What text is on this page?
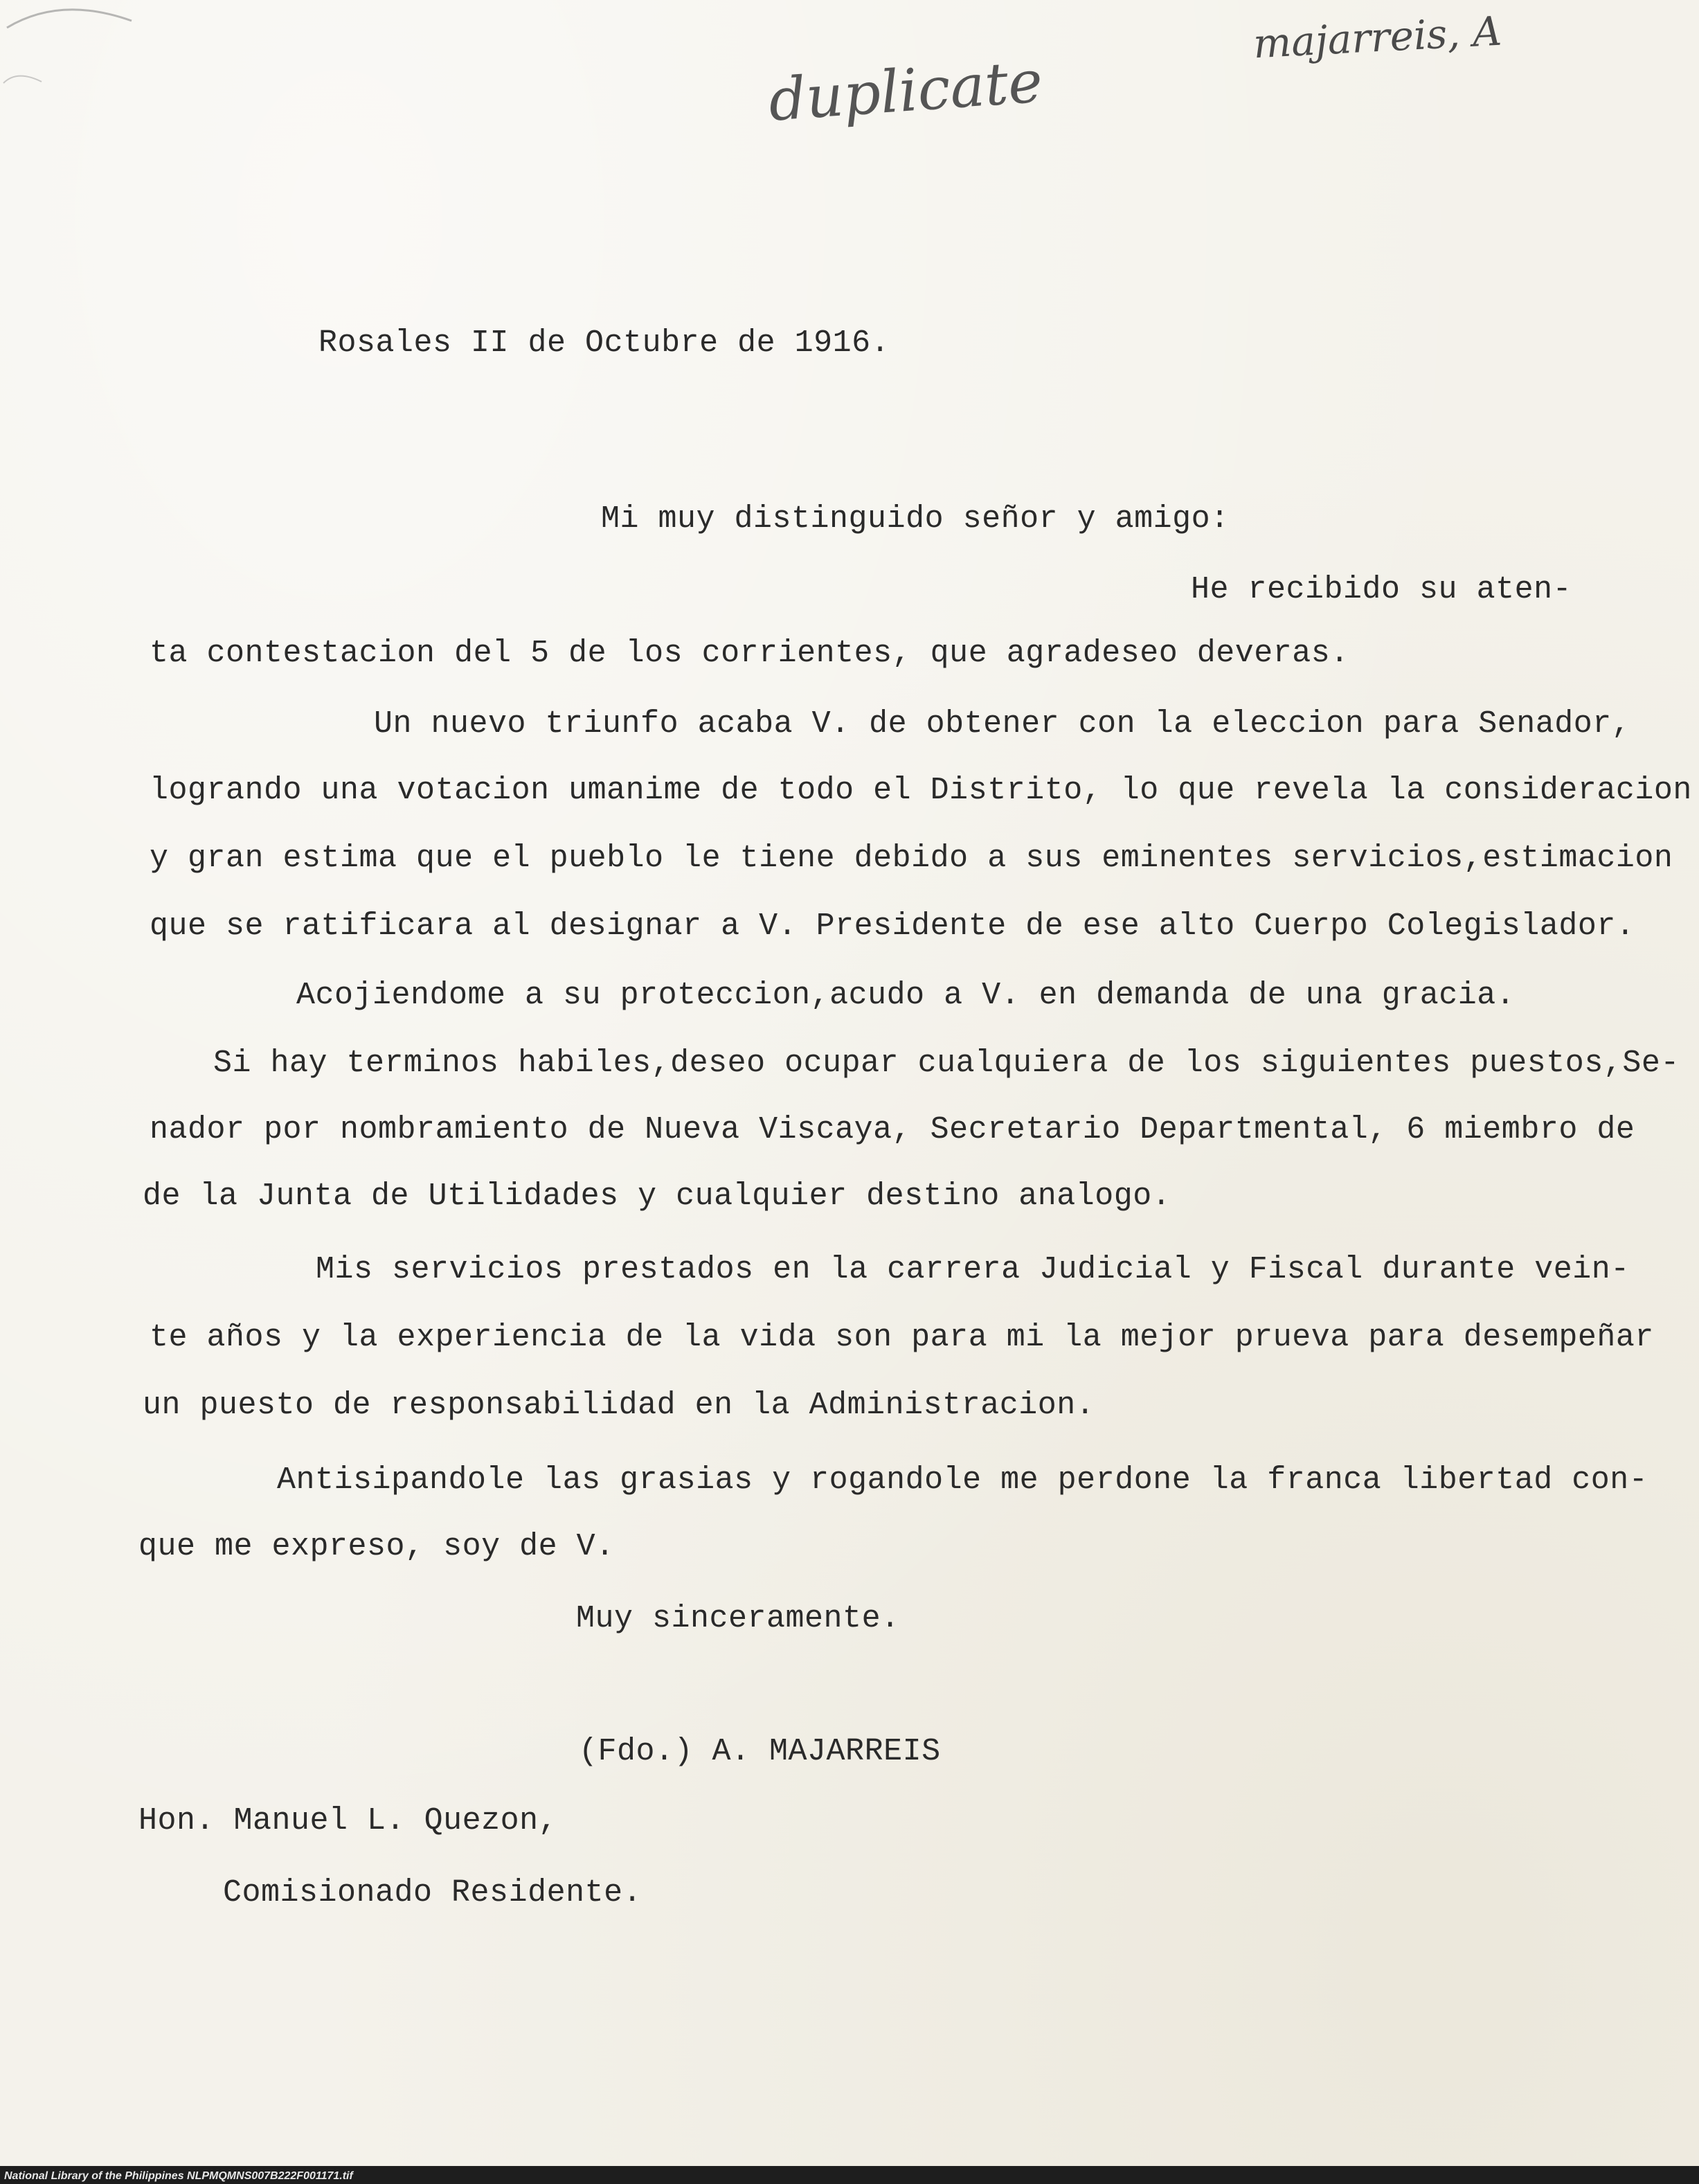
majarreis, A
duplicate
Rosales II de Octubre de 1916.
Mi muy distinguido señor y amigo:
He recibido su aten-
ta contestacion del 5 de los corrientes, que agradeseo deveras.
Un nuevo triunfo acaba V. de obtener con la eleccion para Senador,
logrando una votacion umanime de todo el Distrito, lo que revela la consideracion
y gran estima que el pueblo le tiene debido a sus eminentes servicios,estimacion
que se ratificara al designar a V. Presidente de ese alto Cuerpo Colegislador.
Acojiendome a su proteccion,acudo a V. en demanda de una gracia.
Si hay terminos habiles,deseo ocupar cualquiera de los siguientes puestos,Se-
nador por nombramiento de Nueva Viscaya, Secretario Departmental, 6 miembro de
de la Junta de Utilidades y cualquier destino analogo.
Mis servicios prestados en la carrera Judicial y Fiscal durante vein-
te años y la experiencia de la vida son para mi la mejor prueva para desempeñar
un puesto de responsabilidad en la Administracion.
Antisipandole las grasias y rogandole me perdone la franca libertad con-
que me expreso, soy de V.
Muy sinceramente.
(Fdo.) A. MAJARREIS
Hon. Manuel L. Quezon,
Comisionado Residente.
National Library of the Philippines NLPMQMNS007B222F001171.tif
